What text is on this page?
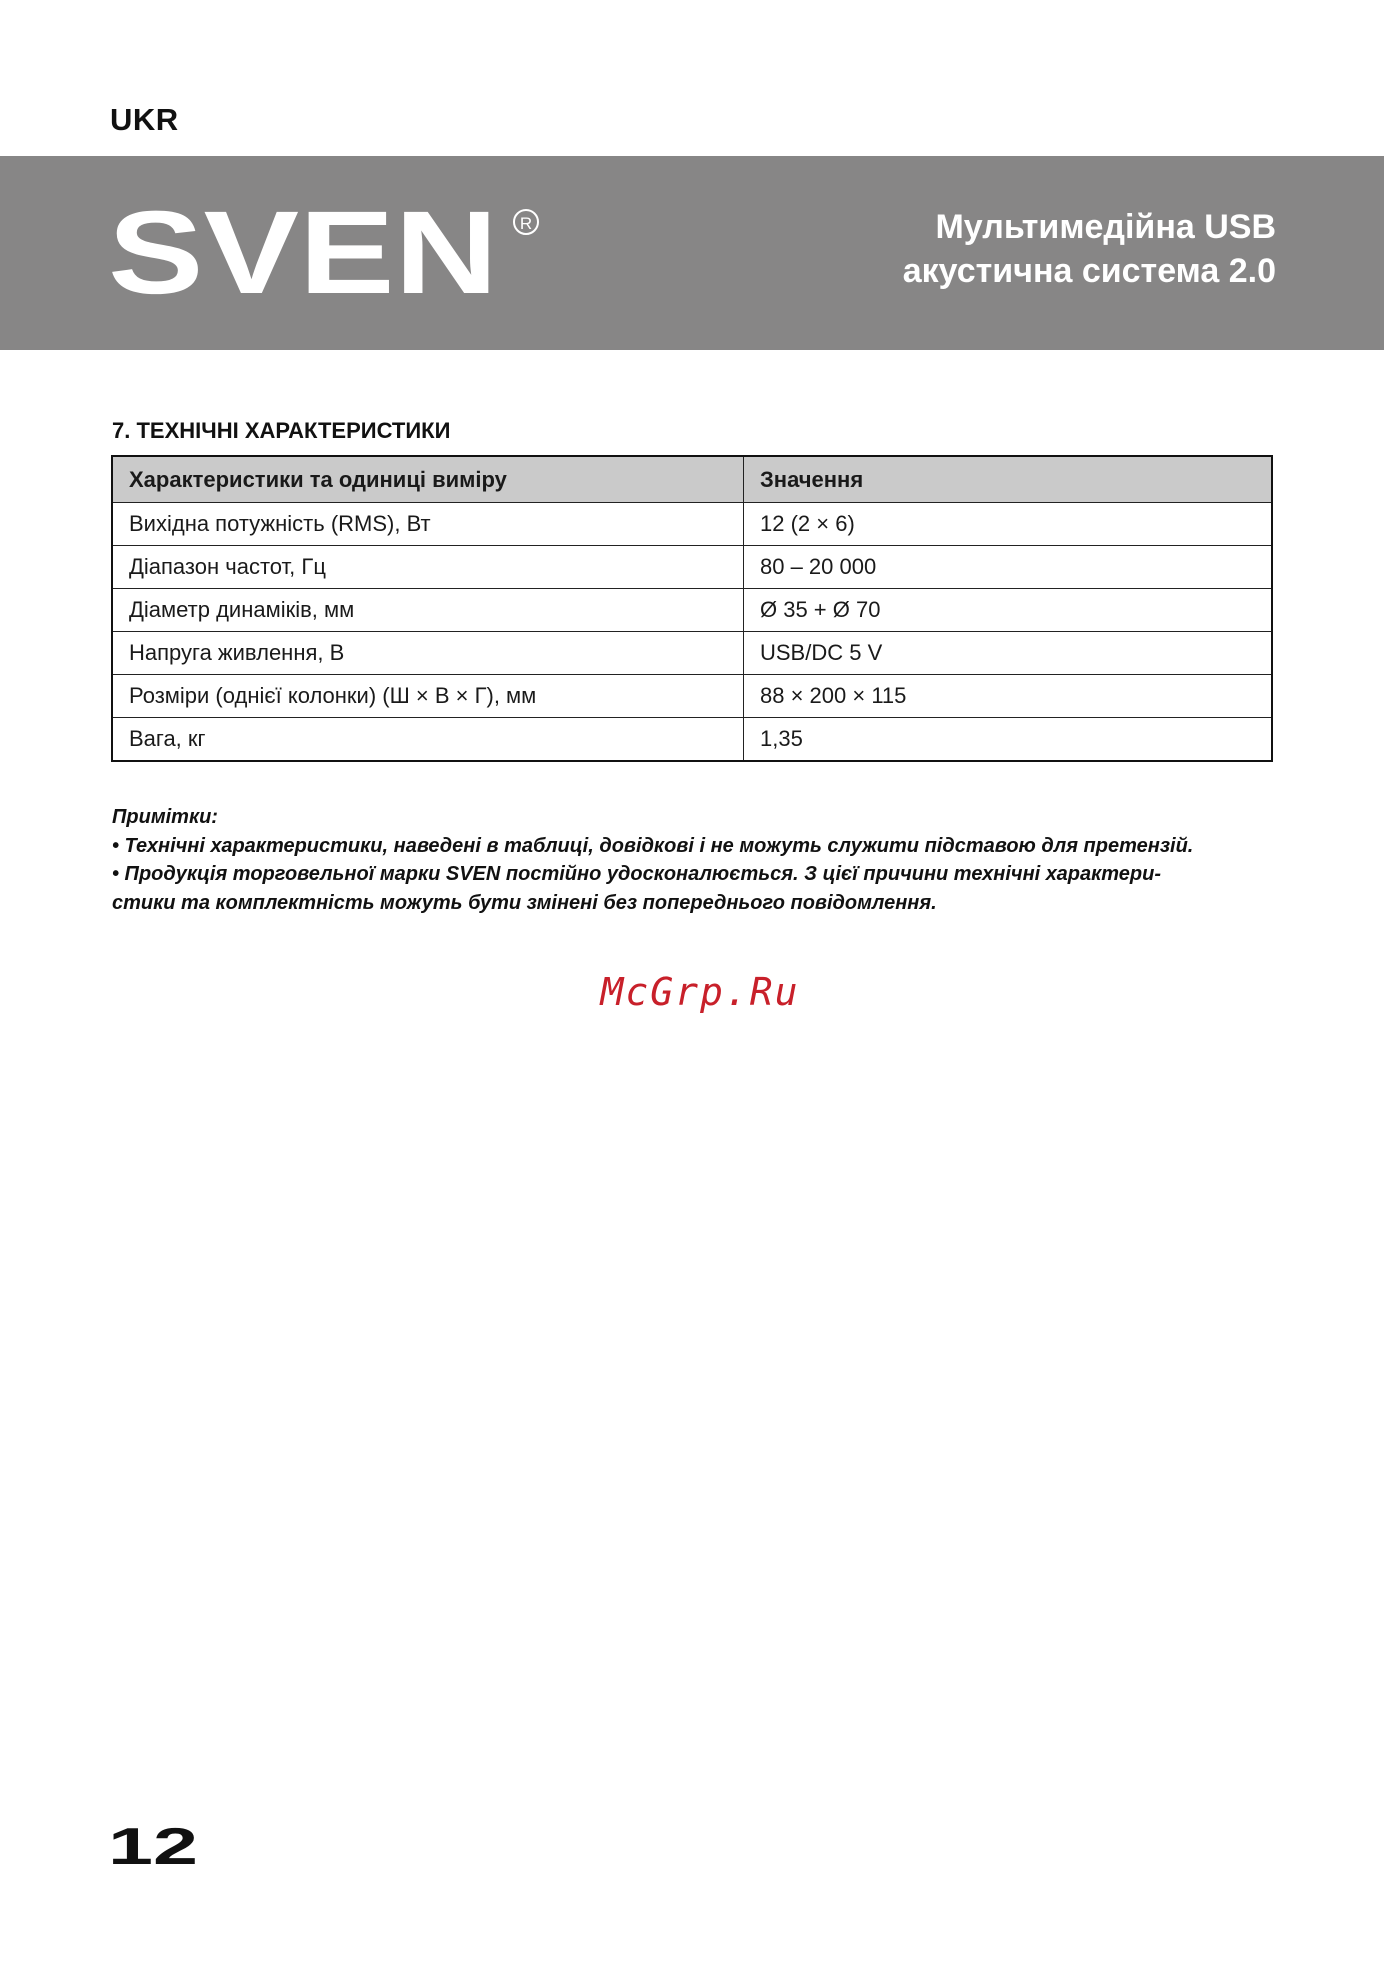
UKR
SVEN R	Мультимедійна USB
акустична система 2.0
7. ТЕХНІЧНІ ХАРАКТЕРИСТИКИ
Характеристики та одиниці виміру	Значення
Вихідна потужність (RMS), Вт	12 (2 × 6)
Діапазон частот, Гц	80 – 20 000
Діаметр динаміків, мм	Ø 35 + Ø 70
Напруга живлення, В	USB/DC 5 V
Розміри (однієї колонки) (Ш × В × Г), мм	88 × 200 × 115
Вага, кг	1,35

Примітки:

• Технічні характеристики, наведені в таблиці, довідкові і не можуть служити підставою для претензій.

• Продукція торговельної марки SVEN постійно удосконалюється. З цієї причини технічні характери-

стики та комплектність можуть бути змінені без попереднього повідомлення.

McGrp.Ru
12
